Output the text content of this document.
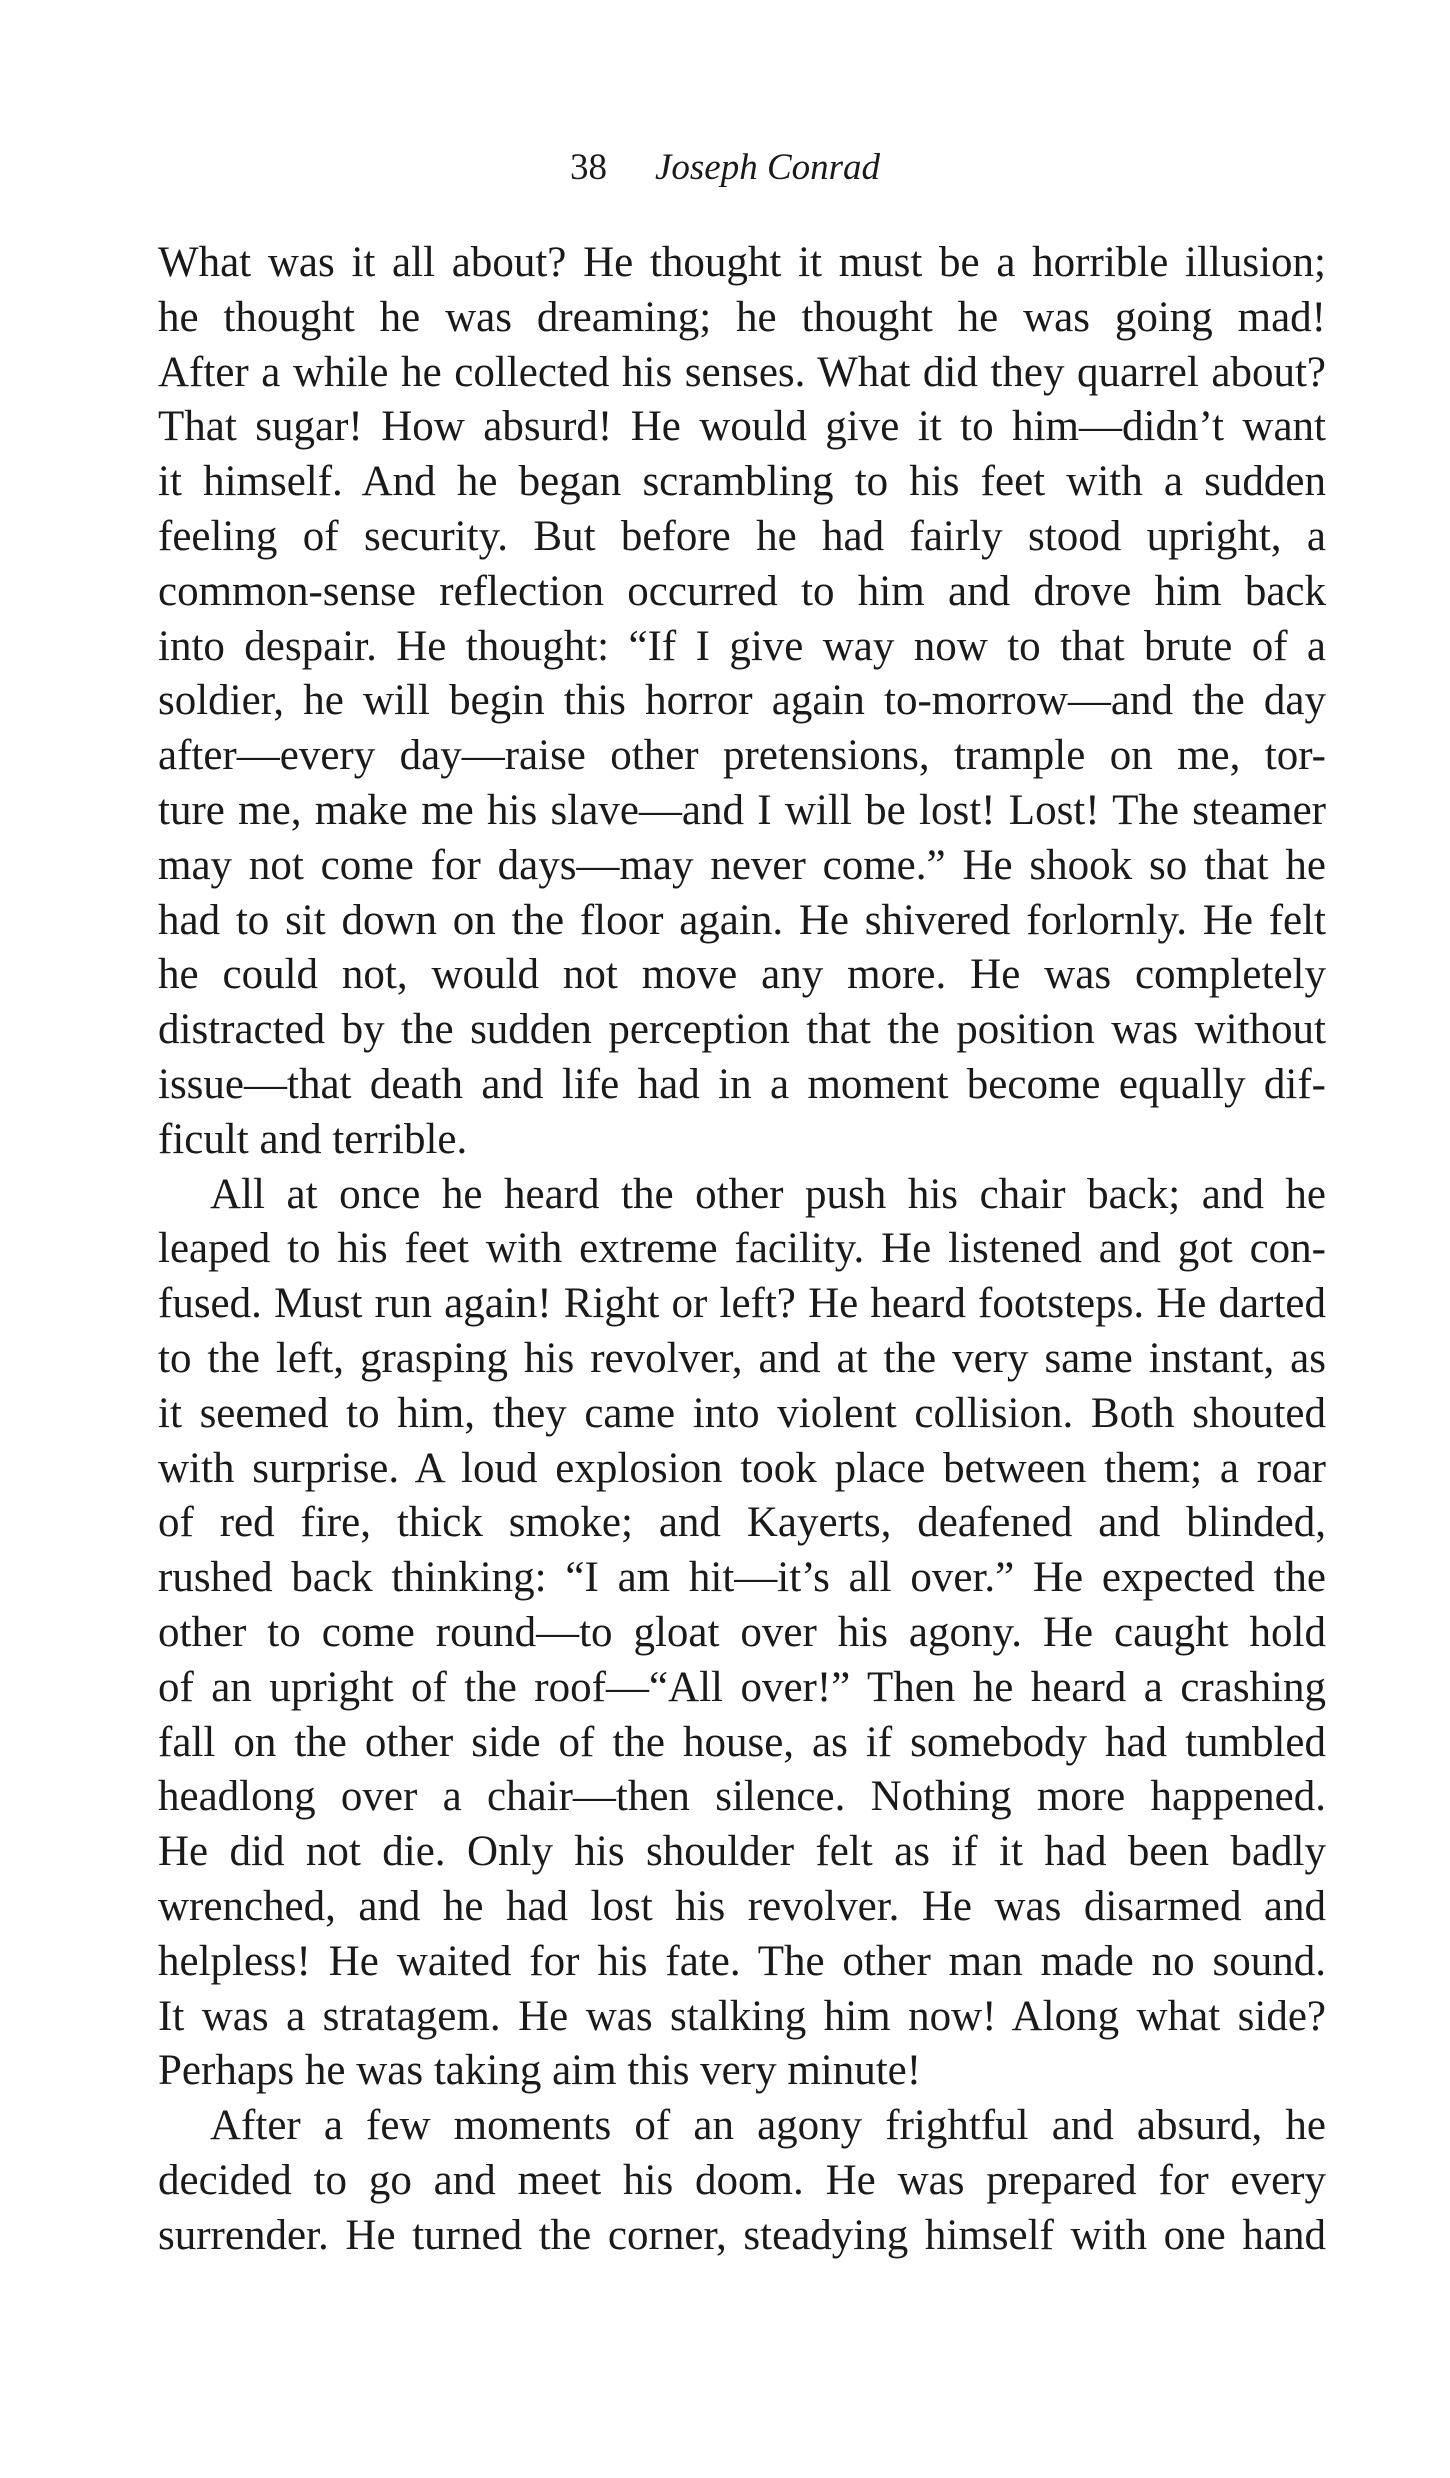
38 Joseph Conrad
What was it all about? He thought it must be a horrible illusion;
he thought he was dreaming; he thought he was going mad!
After a while he collected his senses. What did they quarrel about?
That sugar! How absurd! He would give it to him—didn’t want
it himself. And he began scrambling to his feet with a sudden
feeling of security. But before he had fairly stood upright, a
common-sense reflection occurred to him and drove him back
into despair. He thought: “If I give way now to that brute of a
soldier, he will begin this horror again to-morrow—and the day
after—every day—raise other pretensions, trample on me, tor-
ture me, make me his slave—and I will be lost! Lost! The steamer
may not come for days—may never come.” He shook so that he
had to sit down on the floor again. He shivered forlornly. He felt
he could not, would not move any more. He was completely
distracted by the sudden perception that the position was without
issue—that death and life had in a moment become equally dif-
ficult and terrible.
All at once he heard the other push his chair back; and he
leaped to his feet with extreme facility. He listened and got con-
fused. Must run again! Right or left? He heard footsteps. He darted
to the left, grasping his revolver, and at the very same instant, as
it seemed to him, they came into violent collision. Both shouted
with surprise. A loud explosion took place between them; a roar
of red fire, thick smoke; and Kayerts, deafened and blinded,
rushed back thinking: “I am hit—it’s all over.” He expected the
other to come round—to gloat over his agony. He caught hold
of an upright of the roof—“All over!” Then he heard a crashing
fall on the other side of the house, as if somebody had tumbled
headlong over a chair—then silence. Nothing more happened.
He did not die. Only his shoulder felt as if it had been badly
wrenched, and he had lost his revolver. He was disarmed and
helpless! He waited for his fate. The other man made no sound.
It was a stratagem. He was stalking him now! Along what side?
Perhaps he was taking aim this very minute!
After a few moments of an agony frightful and absurd, he
decided to go and meet his doom. He was prepared for every
surrender. He turned the corner, steadying himself with one hand
